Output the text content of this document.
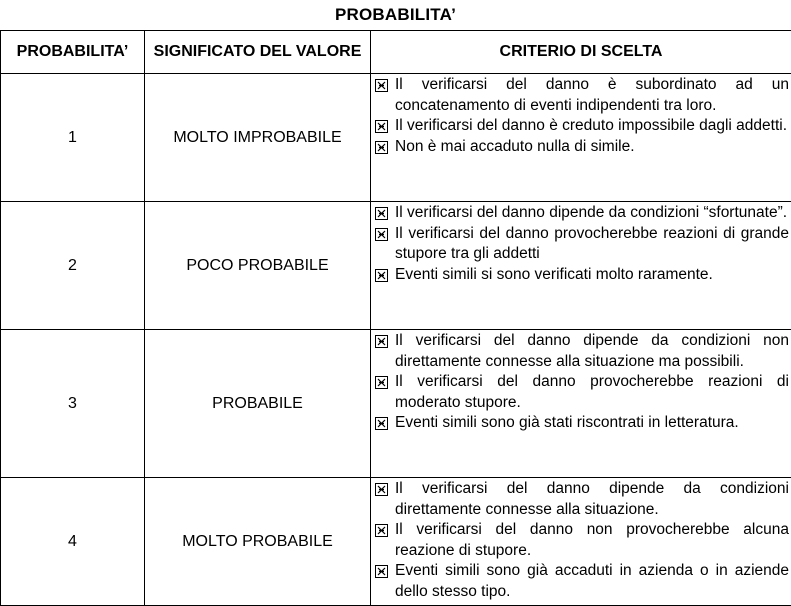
PROBABILITA’
PROBABILITA’	SIGNIFICATO DEL VALORE	CRITERIO DI SCELTA
1	MOLTO IMPROBABILE	Il verificarsi del danno è subordinato ad un concatenamento di eventi indipendenti tra loro.
Il verificarsi del danno è creduto impossibile dagli addetti.
Non è mai accaduto nulla di simile.

2	POCO PROBABILE	Il verificarsi del danno dipende da condizioni “sfortunate”.
Il verificarsi del danno provocherebbe reazioni di grande stupore tra gli addetti
Eventi simili si sono verificati molto raramente.

3	PROBABILE	Il verificarsi del danno dipende da condizioni non direttamente connesse alla situazione ma possibili.
Il verificarsi del danno provocherebbe reazioni di moderato stupore.
Eventi simili sono già stati riscontrati in letteratura.

4	MOLTO PROBABILE	Il verificarsi del danno dipende da condizioni direttamente connesse alla situazione.
Il verificarsi del danno non provocherebbe alcuna reazione di stupore.
Eventi simili sono già accaduti in azienda o in aziende dello stesso tipo.
